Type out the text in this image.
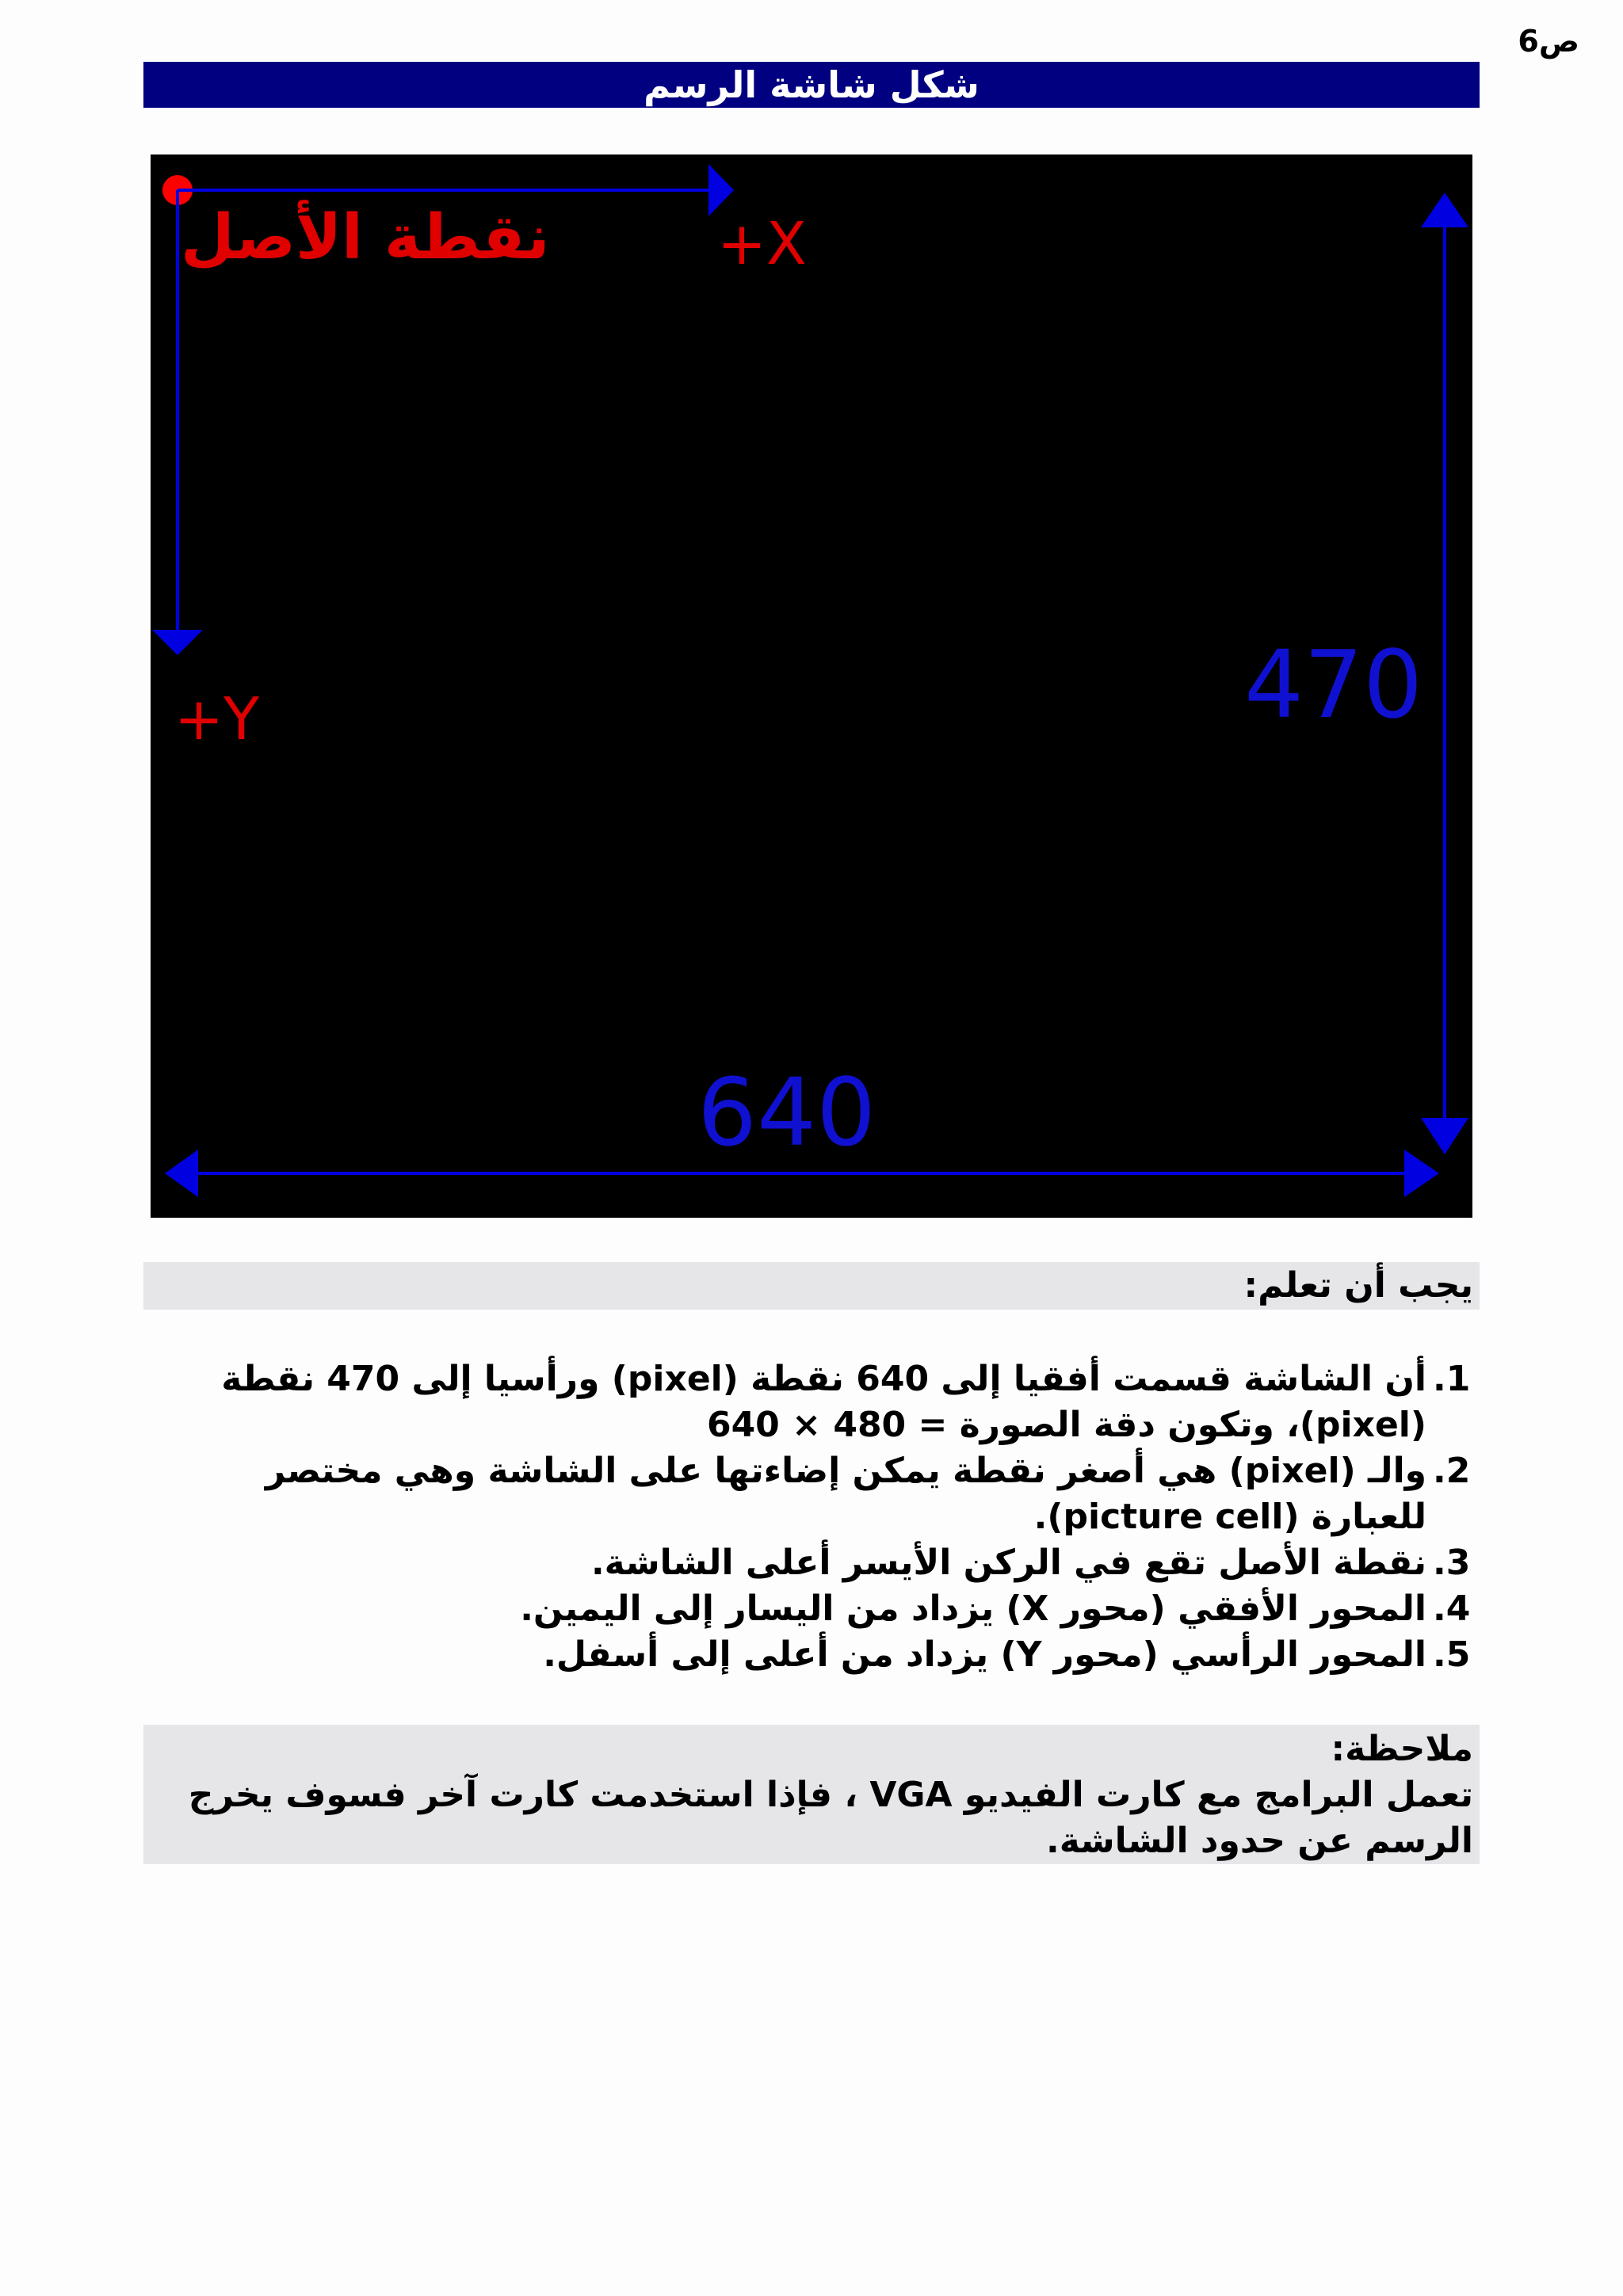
ص6
شكل شاشة الرسم
نقطة الأصل	+X
+Y	470
640
يجب أن تعلم:
.1
أن الشاشة قسمت أفقيا إلى 640 نقطة (pixel) ورأسيا إلى 470 نقطة (pixel)، وتكون دقة الصورة = 480 × 640
.2
والـ (pixel) هي أصغر نقطة يمكن إضاءتها على الشاشة وهي مختصر للعبارة (picture cell).
.3
نقطة الأصل تقع في الركن الأيسر أعلى الشاشة.
.4
المحور الأفقي (محور X) يزداد من اليسار إلى اليمين.
.5
المحور الرأسي (محور Y) يزداد من أعلى إلى أسفل.
ملاحظة:
تعمل البرامج مع كارت الفيديو VGA ، فإذا استخدمت كارت آخر فسوف يخرج الرسم عن حدود الشاشة.
